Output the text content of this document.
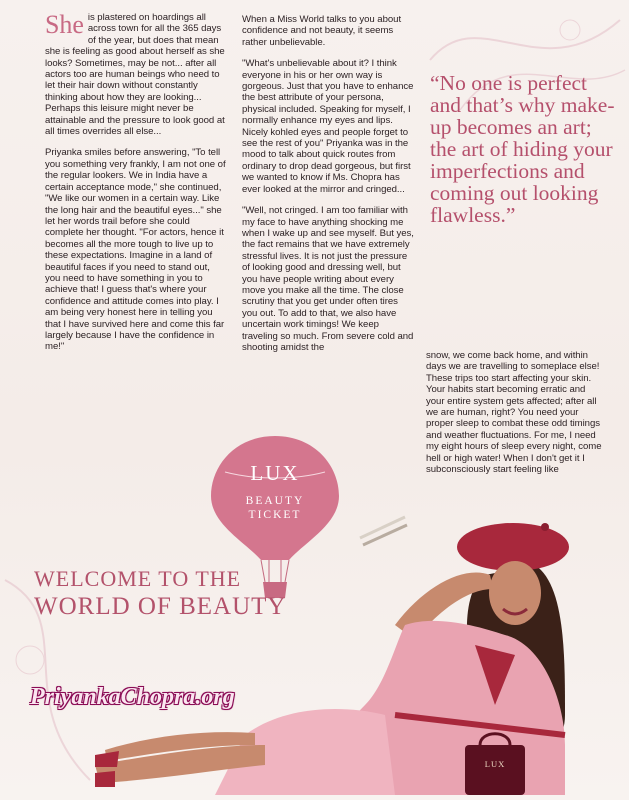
She is plastered on hoardings all across town for all the 365 days of the year, but does that mean she is feeling as good about herself as she looks? Sometimes, may be not... after all actors too are human beings who need to let their hair down without constantly thinking about how they are looking... Perhaps this leisure might never be attainable and the pressure to look good at all times overrides all else...

Priyanka smiles before answering, "To tell you something very frankly, I am not one of the regular lookers. We in India have a certain acceptance mode," she continued, "We like our women in a certain way. Like the long hair and the beautiful eyes..." she let her words trail before she could complete her thought. "For actors, hence it becomes all the more tough to live up to these expectations. Imagine in a land of beautiful faces if you need to stand out, you need to have something in you to achieve that! I guess that's where your confidence and attitude comes into play. I am being very honest here in telling you that I have survived here and come this far largely because I have the confidence in me!"

When a Miss World talks to you about confidence and not beauty, it seems rather unbelievable.

"What's unbelievable about it? I think everyone in his or her own way is gorgeous. Just that you have to enhance the best attribute of your persona, physical included. Speaking for myself, I normally enhance my eyes and lips. Nicely kohled eyes and people forget to see the rest of you" Priyanka was in the mood to talk about quick routes from ordinary to drop dead gorgeous, but first we wanted to know if Ms. Chopra has ever looked at the mirror and cringed...

"Well, not cringed. I am too familiar with my face to have anything shocking me when I wake up and see myself. But yes, the fact remains that we have extremely stressful lives. It is not just the pressure of looking good and dressing well, but you have people writing about every move you make all the time. The close scrutiny that you get under often tires you out. To add to that, we also have uncertain work timings! We keep traveling so much. From severe cold and shooting amidst the

“No one is perfect and that’s why make-up becomes an art; the art of hiding your imperfections and coming out looking flawless.”

snow, we come back home, and within days we are travelling to someplace else! These trips too start affecting your skin. Your habits start becoming erratic and your entire system gets affected; after all we are human, right? You need your proper sleep to combat these odd timings and weather fluctuations. For me, I need my eight hours of sleep every night, come hell or high water! When I don't get it I subconsciously start feeling like

LUX
BEAUTY
TICKET
WELCOME TO THE
WORLD OF BEAUTY
LUX
PriyankaChopra.org
